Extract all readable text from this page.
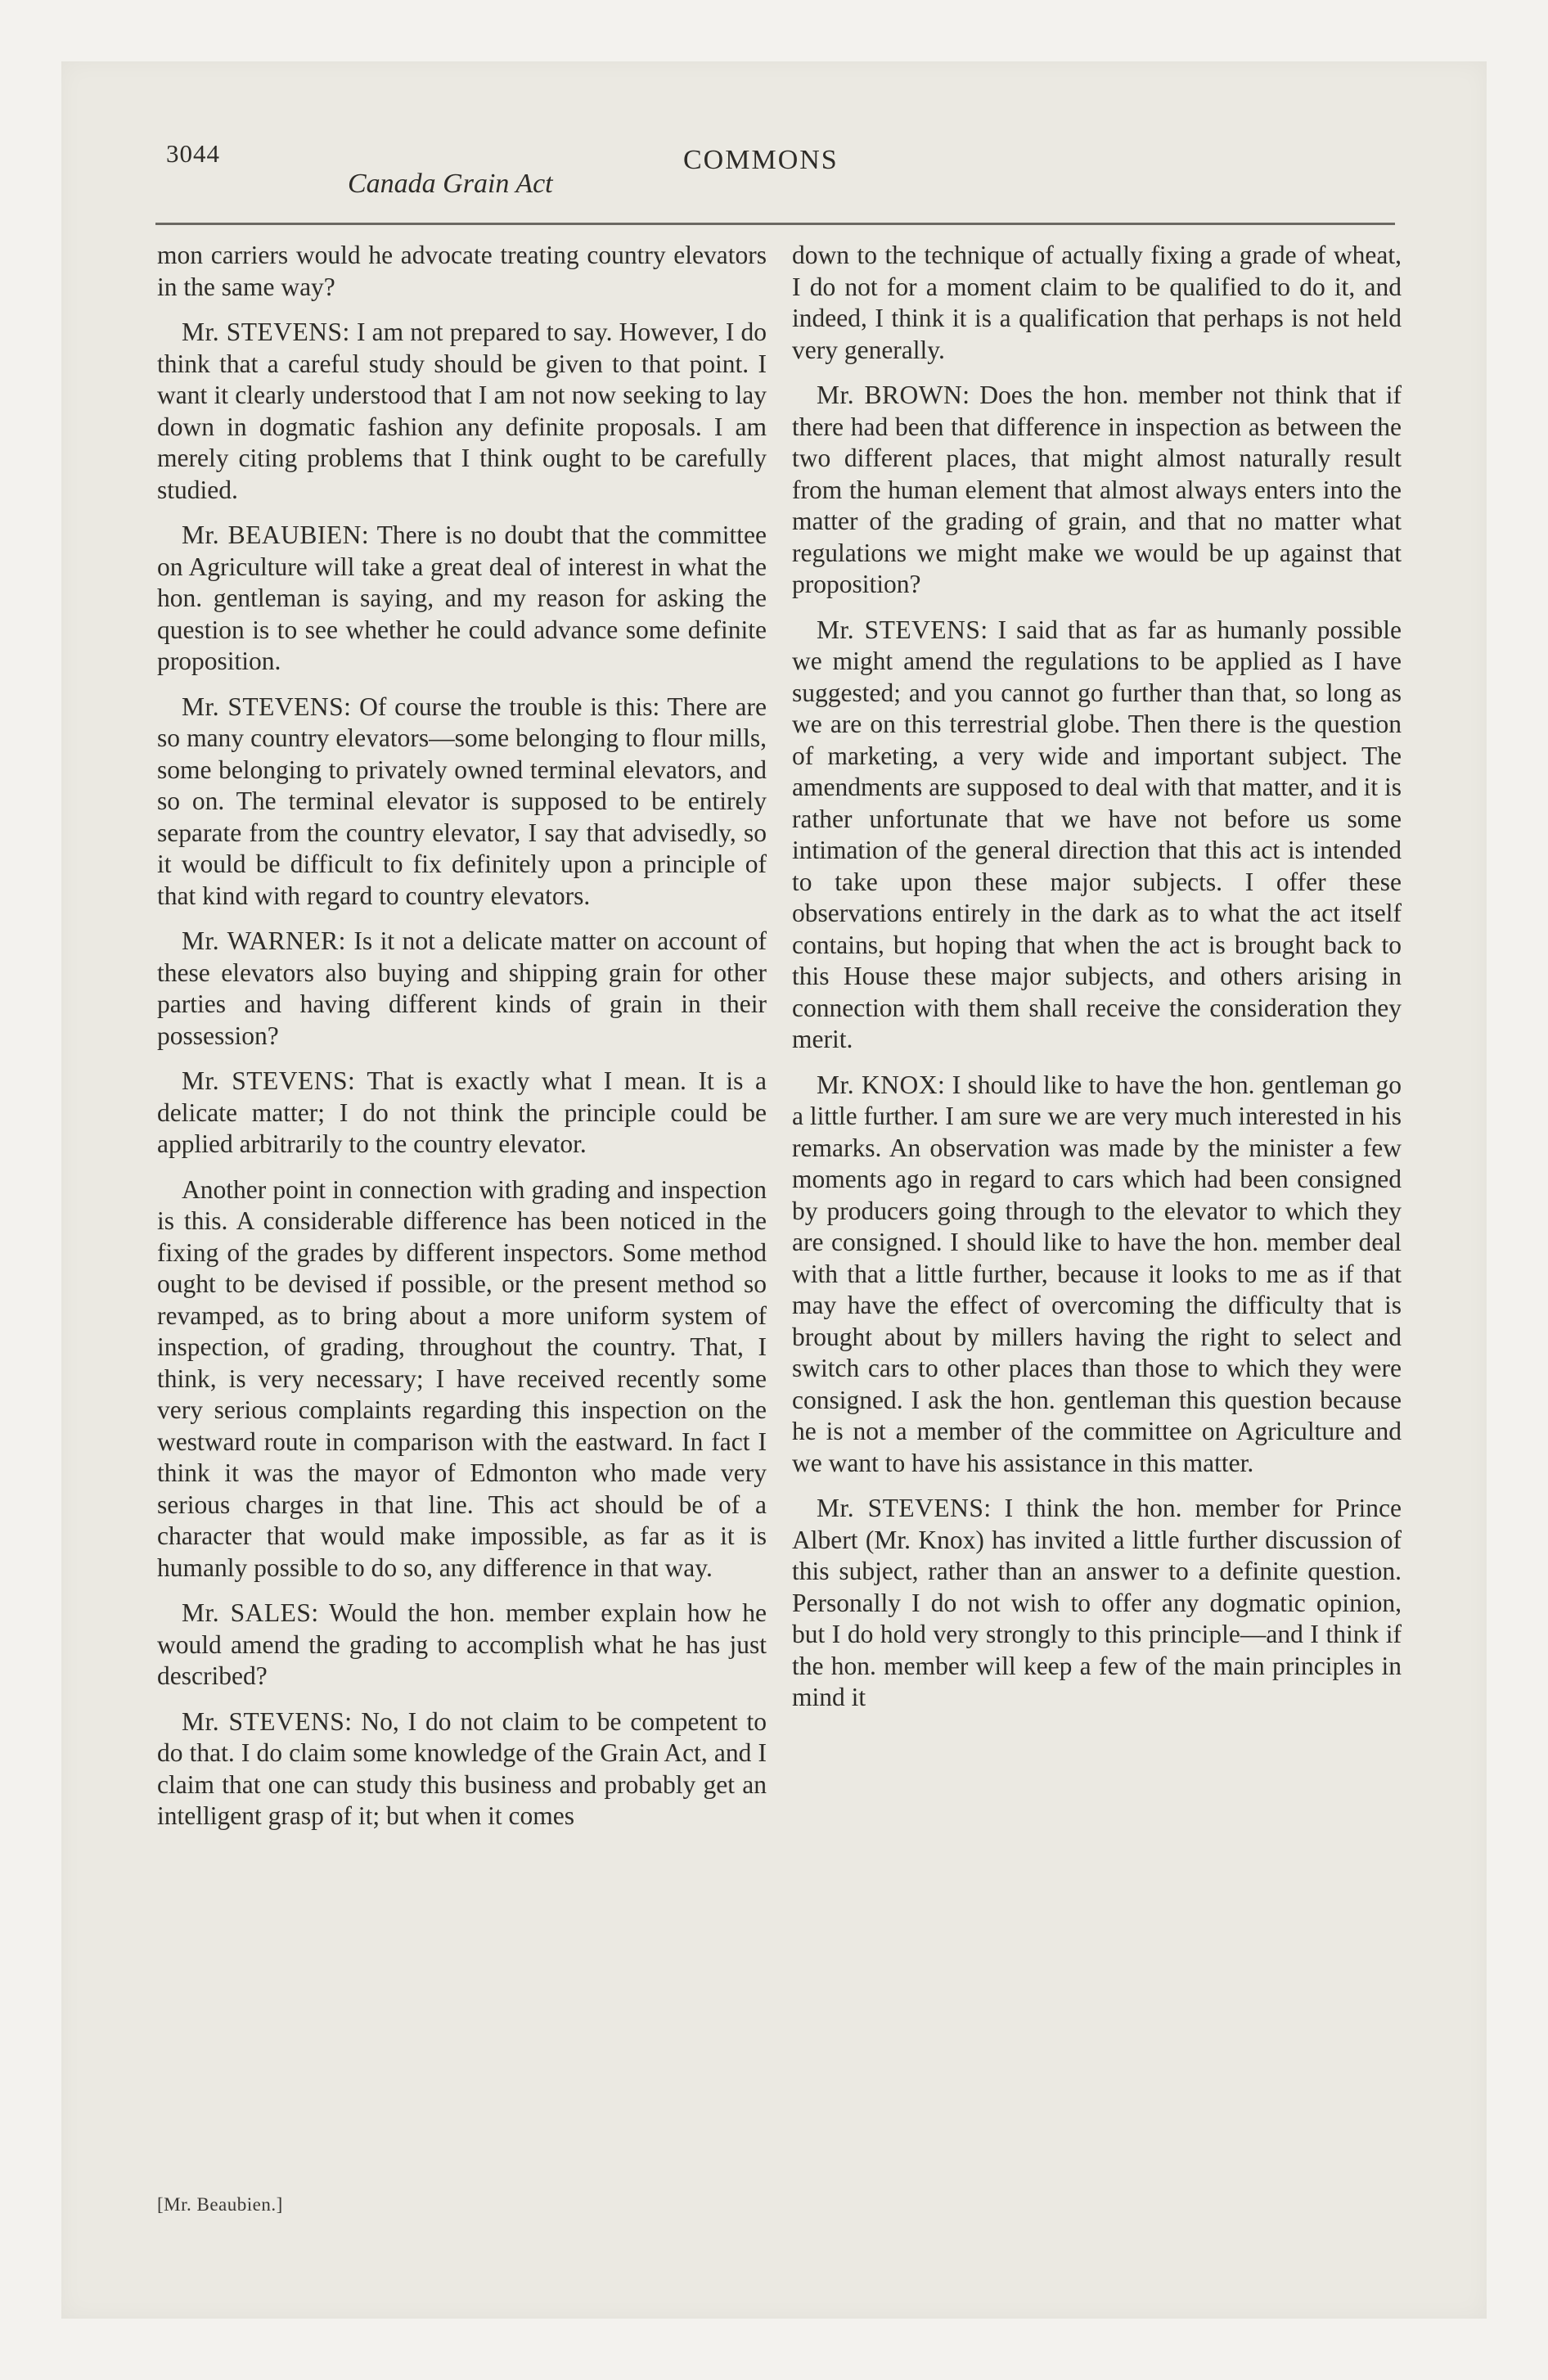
3044
Canada Grain Act
COMMONS

mon carriers would he advocate treating country elevators in the same way?

Mr. STEVENS: I am not prepared to say. However, I do think that a careful study should be given to that point. I want it clearly understood that I am not now seeking to lay down in dogmatic fashion any definite proposals. I am merely citing problems that I think ought to be carefully studied.

Mr. BEAUBIEN: There is no doubt that the committee on Agriculture will take a great deal of interest in what the hon. gentleman is saying, and my reason for asking the question is to see whether he could advance some definite proposition.

Mr. STEVENS: Of course the trouble is this: There are so many country elevators—some belonging to flour mills, some belonging to privately owned terminal elevators, and so on. The terminal elevator is supposed to be entirely separate from the country elevator, I say that advisedly, so it would be difficult to fix definitely upon a principle of that kind with regard to country elevators.

Mr. WARNER: Is it not a delicate matter on account of these elevators also buying and shipping grain for other parties and having different kinds of grain in their possession?

Mr. STEVENS: That is exactly what I mean. It is a delicate matter; I do not think the principle could be applied arbitrarily to the country elevator.

Another point in connection with grading and inspection is this. A considerable difference has been noticed in the fixing of the grades by different inspectors. Some method ought to be devised if possible, or the present method so revamped, as to bring about a more uniform system of inspection, of grading, throughout the country. That, I think, is very necessary; I have received recently some very serious complaints regarding this inspection on the westward route in comparison with the eastward. In fact I think it was the mayor of Edmonton who made very serious charges in that line. This act should be of a character that would make impossible, as far as it is humanly possible to do so, any difference in that way.

Mr. SALES: Would the hon. member explain how he would amend the grading to accomplish what he has just described?

Mr. STEVENS: No, I do not claim to be competent to do that. I do claim some knowledge of the Grain Act, and I claim that one can study this business and probably get an intelligent grasp of it; but when it comes

down to the technique of actually fixing a grade of wheat, I do not for a moment claim to be qualified to do it, and indeed, I think it is a qualification that perhaps is not held very generally.

Mr. BROWN: Does the hon. member not think that if there had been that difference in inspection as between the two different places, that might almost naturally result from the human element that almost always enters into the matter of the grading of grain, and that no matter what regulations we might make we would be up against that proposition?

Mr. STEVENS: I said that as far as humanly possible we might amend the regulations to be applied as I have suggested; and you cannot go further than that, so long as we are on this terrestrial globe. Then there is the question of marketing, a very wide and important subject. The amendments are supposed to deal with that matter, and it is rather unfortunate that we have not before us some intimation of the general direction that this act is intended to take upon these major subjects. I offer these observations entirely in the dark as to what the act itself contains, but hoping that when the act is brought back to this House these major subjects, and others arising in connection with them shall receive the consideration they merit.

Mr. KNOX: I should like to have the hon. gentleman go a little further. I am sure we are very much interested in his remarks. An observation was made by the minister a few moments ago in regard to cars which had been consigned by producers going through to the elevator to which they are consigned. I should like to have the hon. member deal with that a little further, because it looks to me as if that may have the effect of overcoming the difficulty that is brought about by millers having the right to select and switch cars to other places than those to which they were consigned. I ask the hon. gentleman this question because he is not a member of the committee on Agriculture and we want to have his assistance in this matter.

Mr. STEVENS: I think the hon. member for Prince Albert (Mr. Knox) has invited a little further discussion of this subject, rather than an answer to a definite question. Personally I do not wish to offer any dogmatic opinion, but I do hold very strongly to this principle—and I think if the hon. member will keep a few of the main principles in mind it

[Mr. Beaubien.]
